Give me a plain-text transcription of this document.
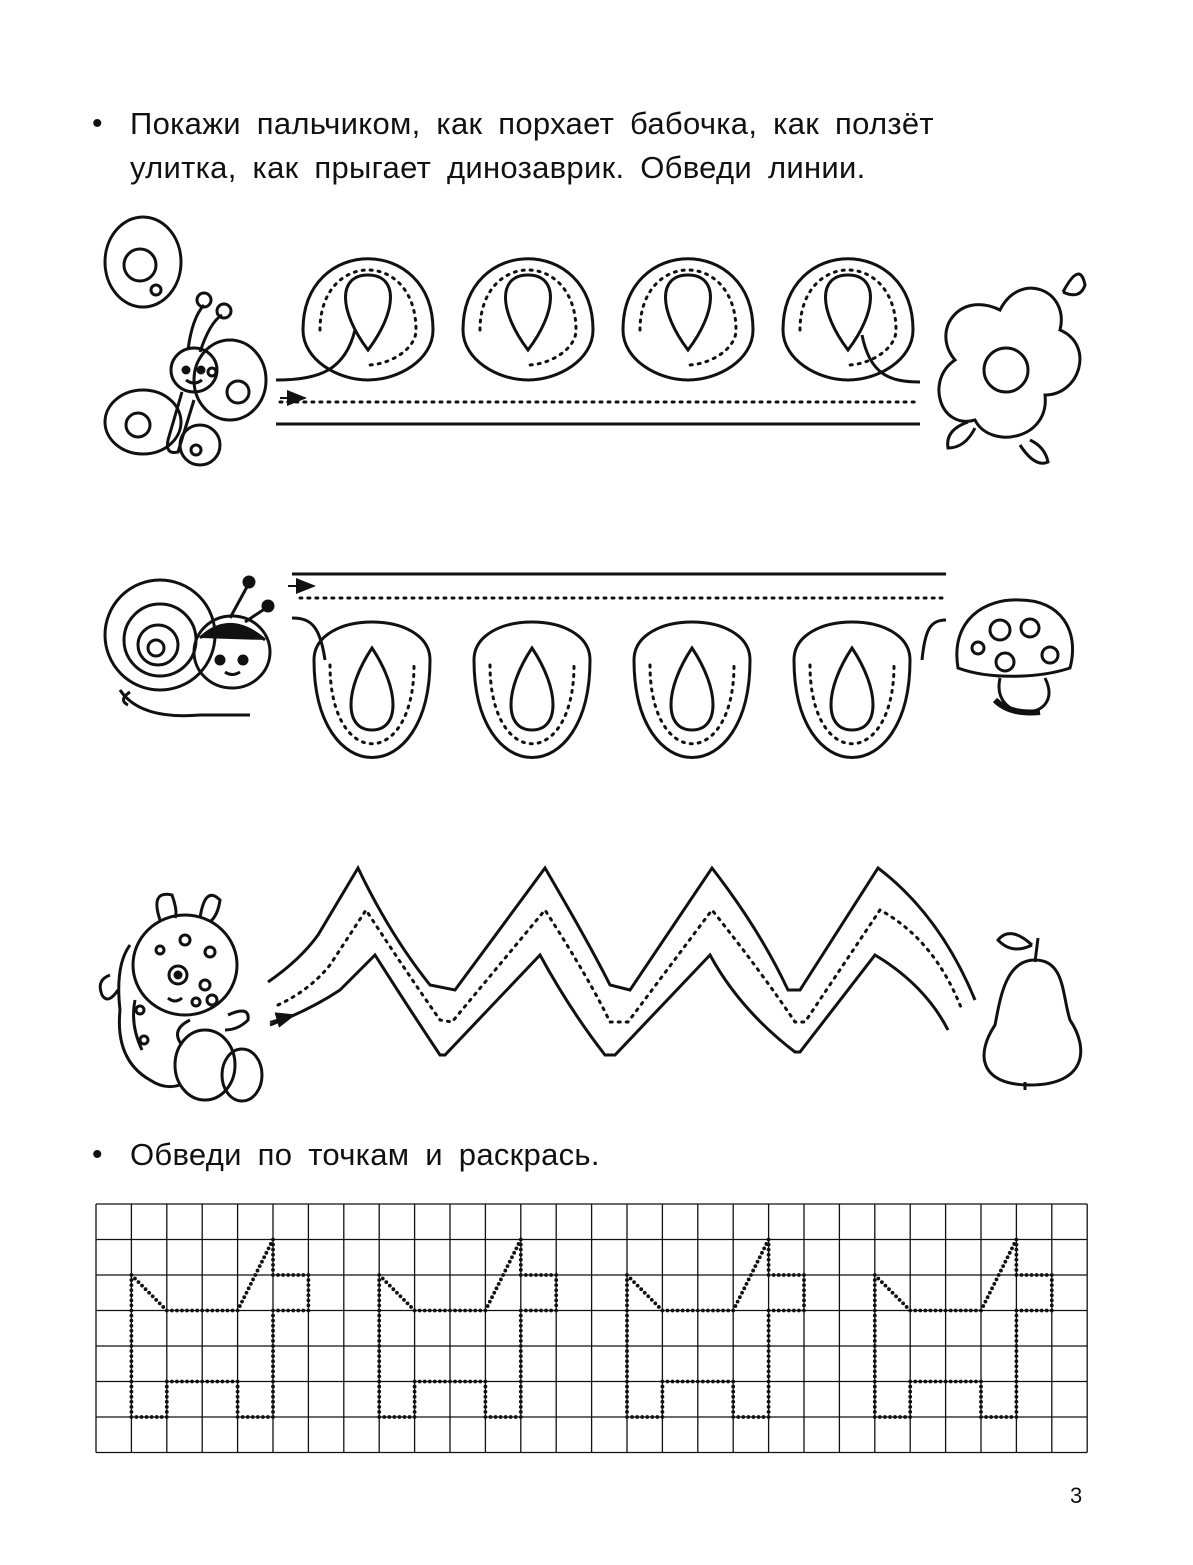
• Покажи пальчиком, как порхает бабочка, как ползёт
улитка, как прыгает динозаврик. Обведи линии.
• Обведи по точкам и раскрась.
3
